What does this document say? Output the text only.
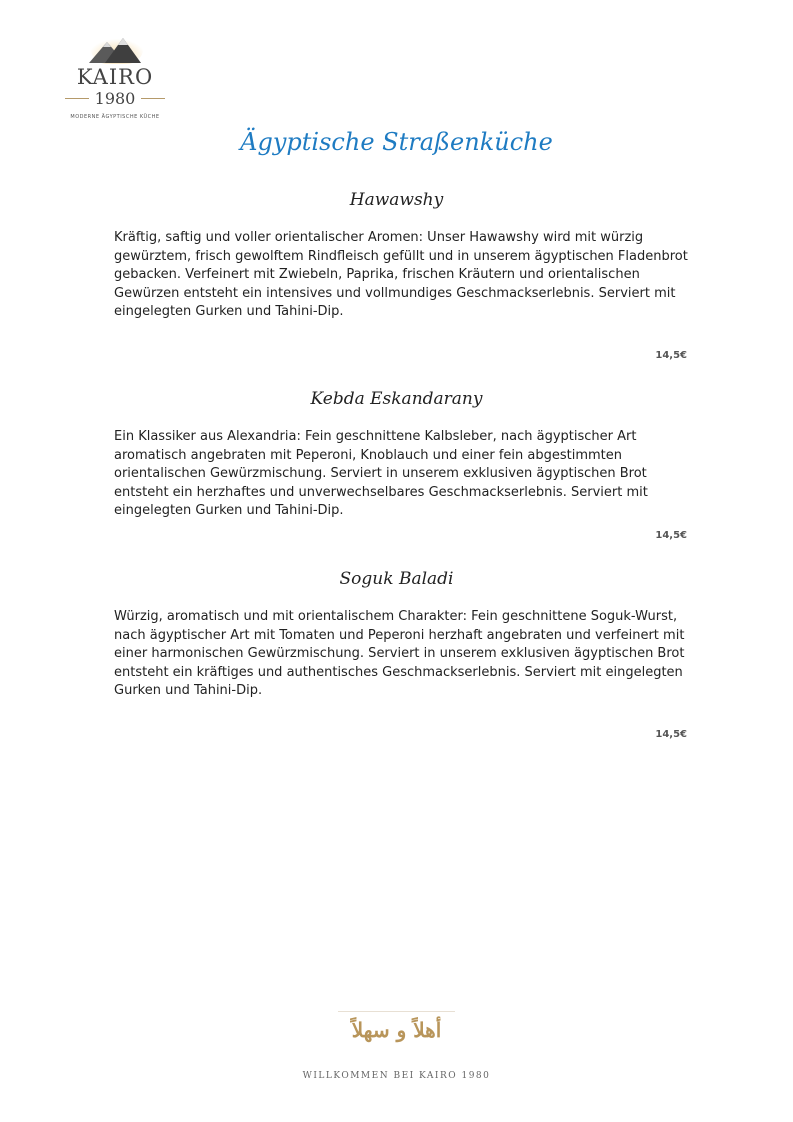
KAIRO
1980
MODERNE ÄGYPTISCHE KÜCHE
Ägyptische Straßenküche
Hawawshy
Kräftig, saftig und voller orientalischer Aromen: Unser Hawawshy wird mit würzig gewürztem, frisch gewolftem Rindfleisch gefüllt und in unserem ägyptischen Fladenbrot gebacken. Verfeinert mit Zwiebeln, Paprika, frischen Kräutern und orientalischen Gewürzen entsteht ein intensives und vollmundiges Geschmackserlebnis. Serviert mit eingelegten Gurken und Tahini-Dip.
14,5€
Kebda Eskandarany
Ein Klassiker aus Alexandria: Fein geschnittene Kalbsleber, nach ägyptischer Art aromatisch angebraten mit Peperoni, Knoblauch und einer fein abgestimmten orientalischen Gewürzmischung. Serviert in unserem exklusiven ägyptischen Brot entsteht ein herzhaftes und unverwechselbares Geschmackserlebnis. Serviert mit eingelegten Gurken und Tahini-Dip.
14,5€
Soguk Baladi
Würzig, aromatisch und mit orientalischem Charakter: Fein geschnittene Soguk-Wurst, nach ägyptischer Art mit Tomaten und Peperoni herzhaft angebraten und verfeinert mit einer harmonischen Gewürzmischung. Serviert in unserem exklusiven ägyptischen Brot entsteht ein kräftiges und authentisches Geschmackserlebnis. Serviert mit eingelegten Gurken und Tahini-Dip.
14,5€
أهلاً و سهلاً
WILLKOMMEN BEI KAIRO 1980
